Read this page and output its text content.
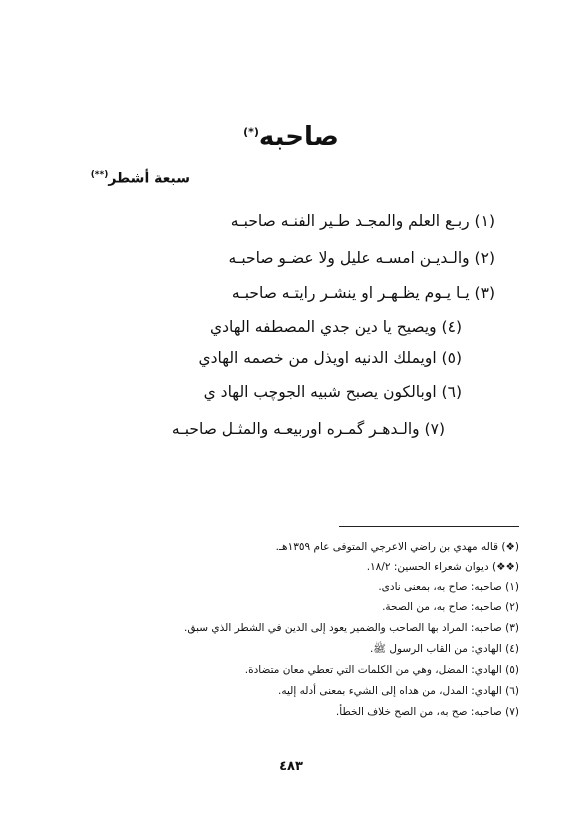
صاحبه(*)
سبعة أشطر(**)
(١) ربـع العلم والمجـد طـير الفنـه صاحبـه
(٢) والـديـن امسـه عليل ولا عضـو صاحبـه
(٣) يـا يـوم يظـهـر او ينشـر رايتـه صاحبـه
(٤) ويصيح يا دين جدي المصطفه الهادي
(٥) اويملك الدنيه اويذل من خصمه الهادي
(٦) اوبالكون يصبح شبيه الجوچب الهاد ي
(٧) والـدهـر گمـره اوربيعـه والمثـل صاحبـه
(❖) قاله مهدي بن راضي الاعرجي المتوفى عام ١٣٥٩هـ.
(❖❖) ديوان شعراء الحسين: ١٨/٢.
(١) صاحبه: صاح به، بمعنى نادى.
(٢) صاحبه: صاح به، من الصحة.
(٣) صاحبه: المراد بها الصاحب والضمير يعود إلى الدين في الشطر الذي سبق.
(٤) الهادي: من القاب الرسول ﷺ.
(٥) الهادي: المضل، وهي من الكلمات التي تعطي معان متضادة.
(٦) الهادي: المدل، من هداه إلى الشيء بمعنى أدله إليه.
(٧) صاحبه: صح به، من الصح خلاف الخطأ.
٤٨٣
